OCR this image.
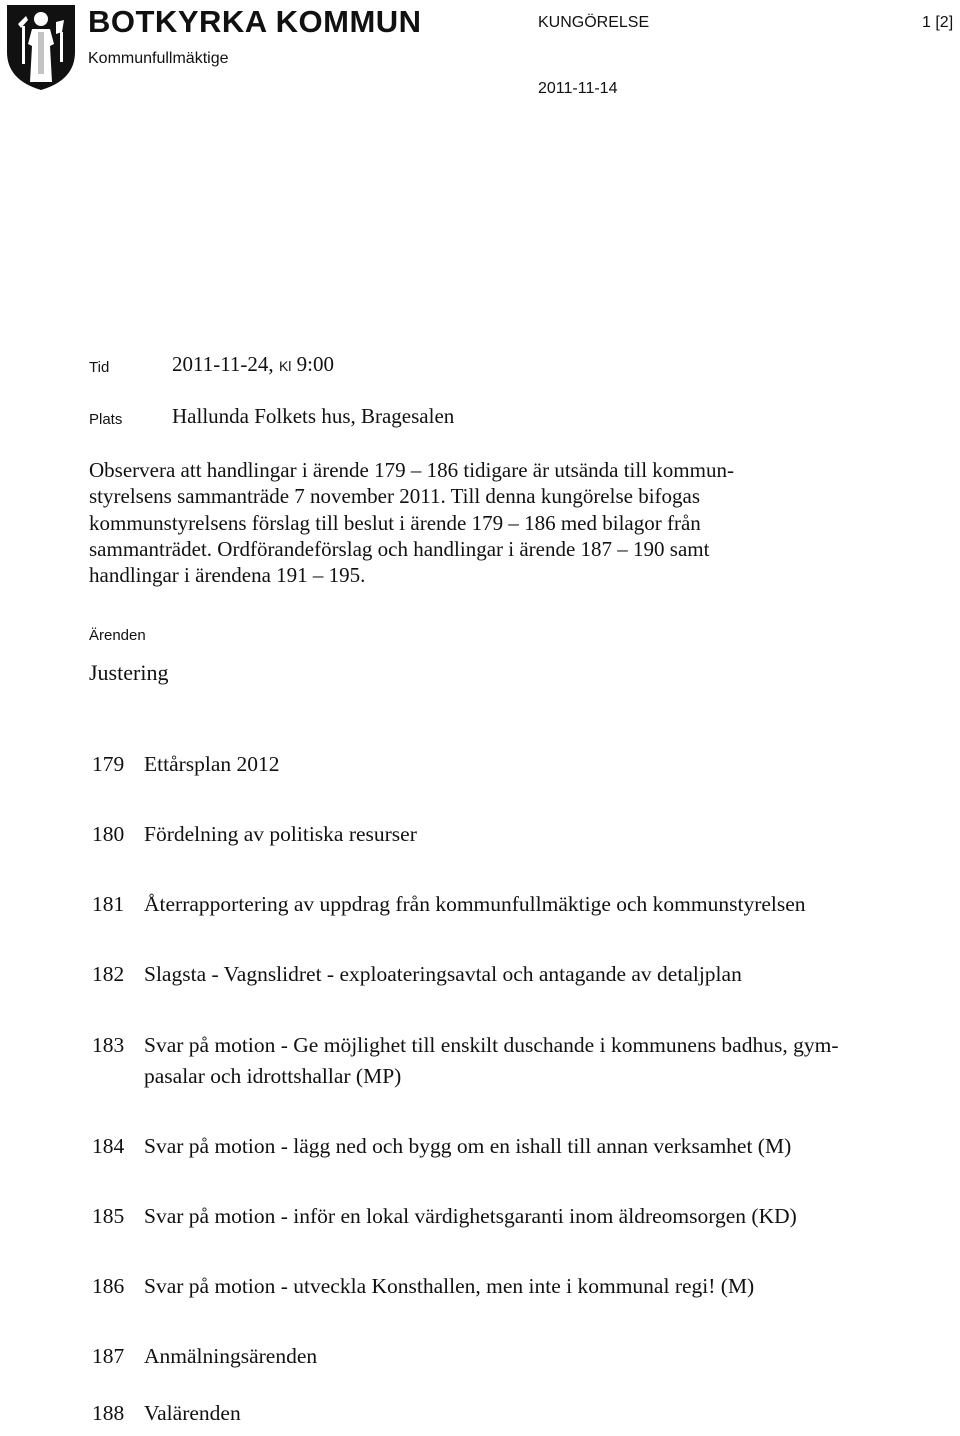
BOTKYRKA KOMMUN
Kommunfullmäktige
KUNGÖRELSE	1 [2]
2011-11-14
Tid	2011-11-24, Kl 9:00
Plats Hallunda Folkets hus, Bragesalen
Observera att handlingar i ärende 179 – 186 tidigare är utsända till kommun-
styrelsens sammanträde 7 november 2011. Till denna kungörelse bifogas
kommunstyrelsens förslag till beslut i ärende 179 – 186 med bilagor från
sammanträdet. Ordförandeförslag och handlingar i ärende 187 – 190 samt
handlingar i ärendena 191 – 195.
Ärenden
Justering
179 Ettårsplan 2012
180 Fördelning av politiska resurser
181 Återrapportering av uppdrag från kommunfullmäktige och kommunstyrelsen
182 Slagsta - Vagnslidret - exploateringsavtal och antagande av detaljplan
183 Svar på motion - Ge möjlighet till enskilt duschande i kommunens badhus, gym-
pasalar och idrottshallar (MP)
184 Svar på motion - lägg ned och bygg om en ishall till annan verksamhet (M)
185 Svar på motion - inför en lokal värdighetsgaranti inom äldreomsorgen (KD)
186 Svar på motion - utveckla Konsthallen, men inte i kommunal regi! (M)
187 Anmälningsärenden
188 Valärenden
